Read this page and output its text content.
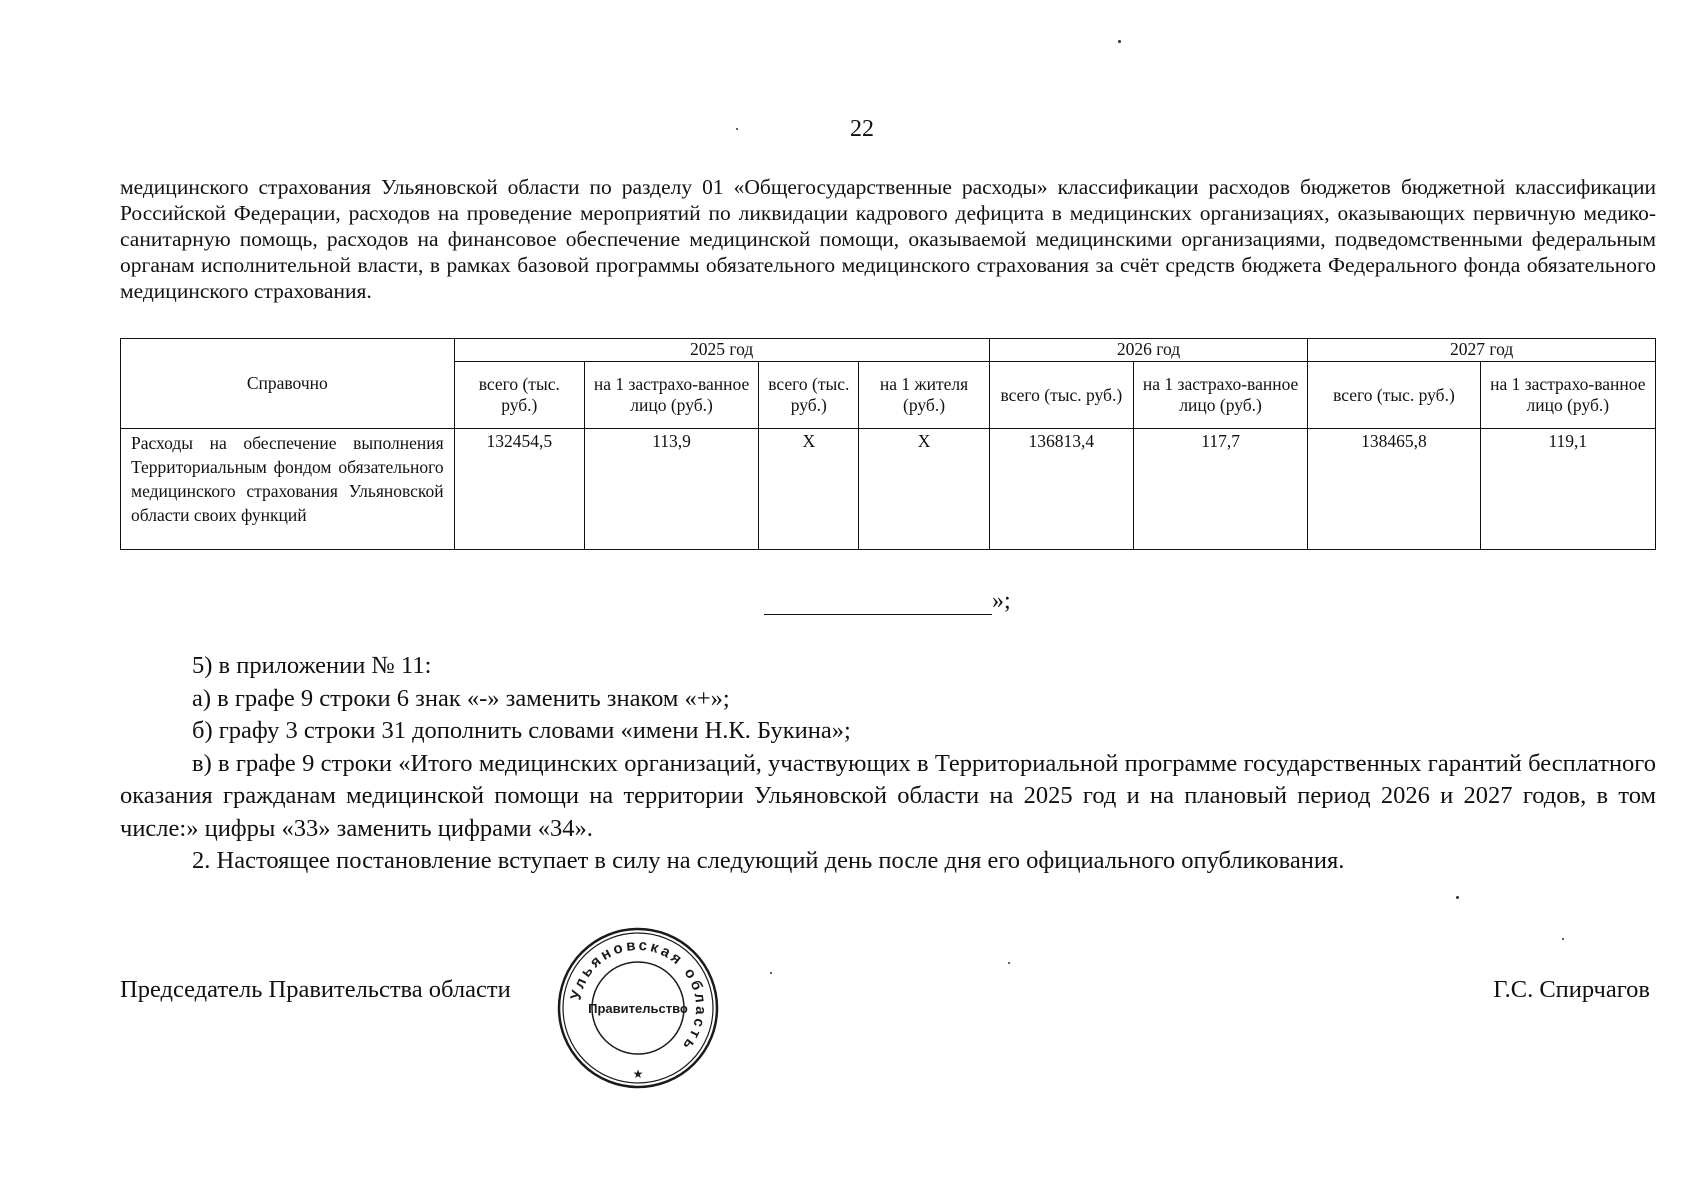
22

медицинского страхования Ульяновской области по разделу 01 «Общегосударственные расходы» классификации расходов бюджетов бюджетной классификации Российской Федерации, расходов на проведение мероприятий по ликвидации кадрового дефицита в медицинских организациях, оказывающих первичную медико-санитарную помощь, расходов на финансовое обеспечение медицинской помощи, оказываемой медицинскими организациями, подведомственными федеральным органам исполнительной власти, в рамках базовой программы обязательного медицинского страхования за счёт средств бюджета Федерального фонда обязательного медицинского страхования.

Справочно	2025 год				2026 год		2027 год	
	всего (тыс. руб.)	на 1 застрахо-ванное лицо (руб.)	всего (тыс. руб.)	на 1 жителя (руб.)	всего (тыс. руб.)	на 1 застрахо-ванное лицо (руб.)	всего (тыс. руб.)	на 1 застрахо-ванное лицо (руб.)
Расходы на обеспечение выполнения Территориальным фондом обязательного медицинского страхования Ульяновской области своих функций	132454,5	113,9	X	X	136813,4	117,7	138465,8	119,1
»;

5) в приложении № 11:

а) в графе 9 строки 6 знак «-» заменить знаком «+»;

б) графу 3 строки 31 дополнить словами «имени Н.К. Букина»;

в) в графе 9 строки «Итого медицинских организаций, участвующих в Территориальной программе государственных гарантий бесплатного оказания гражданам медицинской помощи на территории Ульяновской области на 2025 год и на плановый период 2026 и 2027 годов, в том числе:» цифры «33» заменить цифрами «34».

2. Настоящее постановление вступает в силу на следующий день после дня его официального опубликования.

Председатель Правительства области	Г.С. Спирчагов
Ульяновская область
Правительство
★
